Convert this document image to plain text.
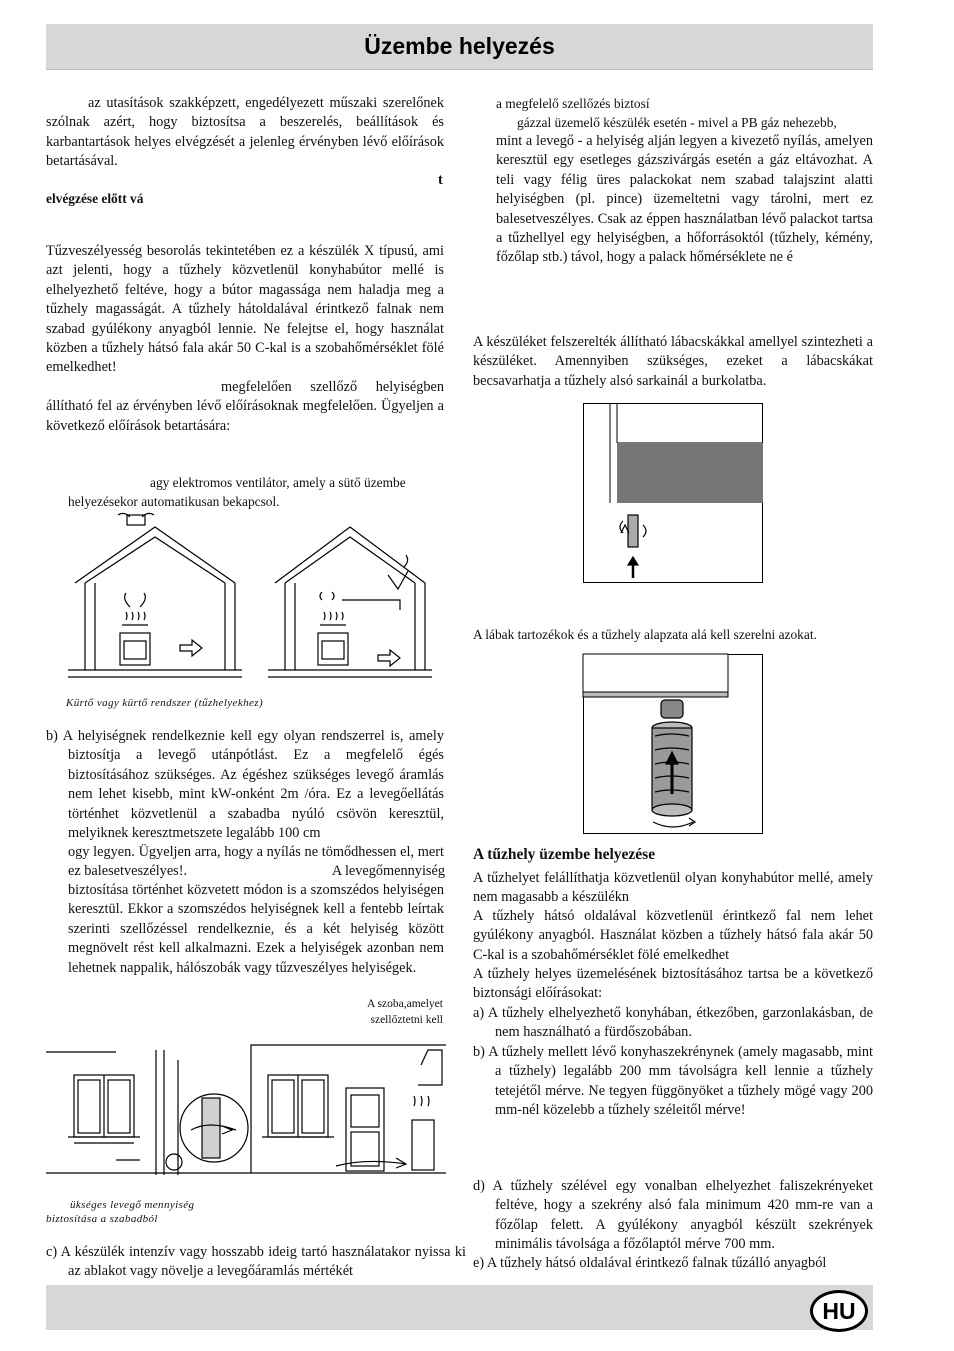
Üzembe helyezés

az utasítások szakképzett, engedélyezett műszaki szerelőnek szólnak azért, hogy biztosítsa a beszerelés, beállítások és karbantartások helyes elvégzését a jelenleg érvényben lévő előírások betartásával.

t

elvégzése előtt vá

Tűzveszélyesség besorolás tekintetében ez a készülék X típusú, ami azt jelenti, hogy a tűzhely közvetlenül konyhabútor mellé is elhelyezhető feltéve, hogy a bútor magassága nem haladja meg a tűzhely magasságát. A tűzhely hátoldalával érintkező falnak nem szabad gyúlékony anyagból lennie. Ne felejtse el, hogy használat közben a tűzhely hátsó fala akár 50 C-kal is a szobahőmérséklet fölé emelkedhet!

megfelelően szellőző helyiségben állítható fel az érvényben lévő előírásoknak megfelelően. Ügyeljen a következő előírások betartására:

agy elektromos ventilátor, amely a sütő üzembe

helyezésekor automatikusan bekapcsol.

Kürtő vagy kürtő rendszer (tűzhelyekhez)

b) A helyiségnek rendelkeznie kell egy olyan rendszerrel is, amely biztosítja a levegő utánpótlást. Ez a megfelelő égés biztosításához szükséges. Az égéshez szükséges levegő áramlás nem lehet kisebb, mint kW-onként 2m /óra. Ez a levegőellátás történhet közvetlenül a szabadba nyúló csövön keresztül, melyiknek keresztmetszete legalább 100 cm

ogy legyen. Ügyeljen arra, hogy a nyílás ne tömődhessen el, mert ez balesetveszélyes!.	A levegőmennyiség

biztosítása történhet közvetett módon is a szomszédos helyiségen keresztül. Ekkor a szomszédos helyiségnek kell a fentebb leírtak szerinti szellőzéssel rendelkeznie, és a két helyiség között megnövelt rést kell alkalmazni. Ezek a helyiségek azonban nem lehetnek nappalik, hálószobák vagy tűzveszélyes helyiségek.

A szoba,amelyet

szellőztetni kell

ükséges levegő mennyiség

biztosítása a szabadból

c) A készülék intenzív vagy hosszabb ideig tartó használatakor nyissa ki az ablakot vagy növelje a levegőáramlás mértékét

a megfelelő szellőzés biztosí

gázzal üzemelő készülék esetén - mivel a PB gáz nehezebb,

mint a levegő - a helyiség alján legyen a kivezető nyílás, amelyen keresztül egy esetleges gázszivárgás esetén a gáz eltávozhat. A teli vagy félig üres palackokat nem szabad talajszint alatti helyiségben (pl. pince) üzemeltetni vagy tárolni, mert ez balesetveszélyes. Csak az éppen használatban lévő palackot tartsa a tűzhellyel egy helyiségben, a hőforrásoktól (tűzhely, kémény, főzőlap stb.) távol, hogy a palack hőmérséklete ne é

A készüléket felszerelték állítható lábacskákkal amellyel szintezheti a készüléket. Amennyiben szükséges, ezeket a lábacskákat becsavarhatja a tűzhely alsó sarkainál a burkolatba.

A lábak tartozékok és a tűzhely alapzata alá kell szerelni azokat.

A tűzhely üzembe helyezése

A tűzhelyet felállíthatja közvetlenül olyan konyhabútor mellé, amely nem magasabb a készülékn

A tűzhely hátsó oldalával közvetlenül érintkező fal nem lehet gyúlékony anyagból. Használat közben a tűzhely hátsó fala akár 50 C-kal is a szobahőmérséklet fölé emelkedhet

A tűzhely helyes üzemelésének biztosításához tartsa be a következő biztonsági előírásokat:

a) A tűzhely elhelyezhető konyhában, étkezőben, garzonlakásban, de nem használható a fürdőszobában.

b) A tűzhely mellett lévő konyhaszekrénynek (amely magasabb, mint a tűzhely) legalább 200 mm távolságra kell lennie a tűzhely tetejétől mérve. Ne tegyen függönyöket a tűzhely mögé vagy 200 mm-nél közelebb a tűzhely széleitől mérve!

d) A tűzhely szélével egy vonalban elhelyezhet faliszekrényeket feltéve, hogy a szekrény alsó fala minimum 420 mm-re van a főzőlap felett. A gyúlékony anyagból készült szekrények minimális távolsága a főzőlaptól mérve 700 mm.

e) A tűzhely hátsó oldalával érintkező falnak tűzálló anyagból

HU
